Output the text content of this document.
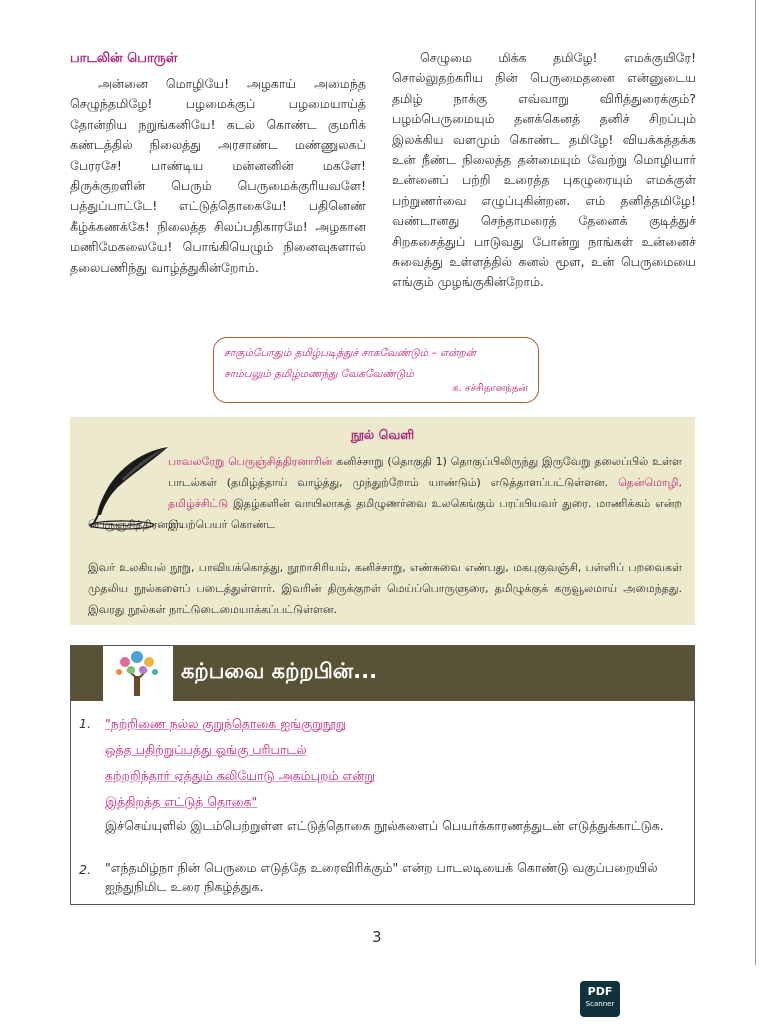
பாடலின் பொருள்
அன்னை மொழியே! அழகாய் அமைந்த செழுந்தமிழே! பழமைக்குப் பழமையாய்த் தோன்றிய நறுங்கனியே! கடல் கொண்ட குமரிக் கண்டத்தில் நிலைத்து அரசாண்ட மண்ணுலகப் பேரரசே! பாண்டிய மன்னனின் மகளே! திருக்குறளின் பெரும் பெருமைக்குரியவளே! பத்துப்பாட்டே! எட்டுத்தொகையே! பதினெண் கீழ்க்கணக்கே! நிலைத்த சிலப்பதிகாரமே! அழகான மணிமேகலையே! பொங்கியெழும் நினைவுகளால் தலைபணிந்து வாழ்த்துகின்றோம்.
செழுமை மிக்க தமிழே! எமக்குயிரே! சொல்லுதற்கரிய நின் பெருமைதனை என்னுடைய தமிழ் நாக்கு எவ்வாறு விரித்துரைக்கும்? பழம்பெருமையும் தனக்கெனத் தனிச் சிறப்பும் இலக்கிய வளமும் கொண்ட தமிழே! வியக்கத்தக்க உன் நீண்ட நிலைத்த தன்மையும் வேற்று மொழியார் உன்னைப் பற்றி உரைத்த புகழுரையும் எமக்குள் பற்றுணர்வை எழுப்புகின்றன. எம் தனித்தமிழே! வண்டானது செந்தாமரைத் தேனைக் குடித்துச் சிறகசைத்துப் பாடுவது போன்று நாங்கள் உன்னைச் சுவைத்து உள்ளத்தில் கனல் மூள, உன் பெருமையை எங்கும் முழங்குகின்றோம்.
சாகும்போதும் தமிழ்படித்துச் சாகவேண்டும் – என்றன்
சாம்பலும் தமிழ்மணந்து வேகவேண்டும்
க. சச்சிதானந்தன்
நூல் வெளி
பாவலரேறு பெருஞ்சித்திரனாரின் கனிச்சாறு (தொகுதி 1) தொகுப்பிலிருந்து இருவேறு தலைப்பில் உள்ள பாடல்கள் (தமிழ்த்தாய் வாழ்த்து, முந்துற்றோம் யாண்டும்) எடுத்தாளப்பட்டுள்ளன. தென்மொழி, தமிழ்ச்சிட்டு இதழ்களின் வாயிலாகத் தமிழுணர்வை உலகெங்கும் பரப்பியவர் துரை. மாணிக்கம் என்ற இயற்பெயர் கொண்ட
பெருஞ்சித்திரனார்.
இவர் உலகியல் நூறு, பாவியக்கொத்து, நூறாசிரியம், கனிச்சாறு, எண்சுவை எண்பது, மகபுகுவஞ்சி, பள்ளிப் பறவைகள் முதலிய நூல்களைப் படைத்துள்ளார். இவரின் திருக்குறள் மெய்ப்பொருளுரை, தமிழுக்குக் கருவூலமாய் அமைந்தது. இவரது நூல்கள் நாட்டுடைமையாக்கப்பட்டுள்ளன.
கற்பவை கற்றபின்...
1. "நற்றிணை நல்ல குறுந்தொகை ஐங்குறுநூறு
ஒத்த பதிற்றுப்பத்து ஓங்கு பரிபாடல்
கற்றறிந்தார் ஏத்தும் கலியோடு அகம்புறம் என்று
இத்திறத்த எட்டுத் தொகை"
இச்செய்யுளில் இடம்பெற்றுள்ள எட்டுத்தொகை நூல்களைப் பெயர்க்காரணத்துடன் எடுத்துக்காட்டுக.
2. "எந்தமிழ்நா நின் பெருமை எடுத்தே உரைவிரிக்கும்" என்ற பாடலடியைக் கொண்டு வகுப்பறையில் ஐந்துநிமிட உரை நிகழ்த்துக.
3
PDF
Scanner
